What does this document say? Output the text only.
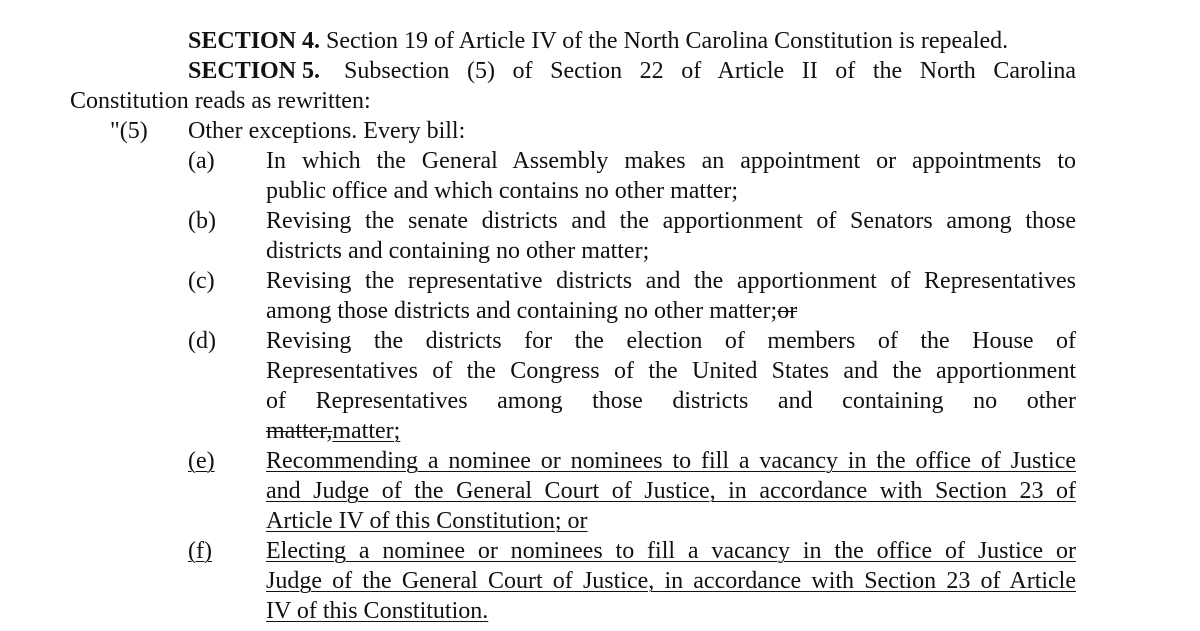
SECTION 4. Section 19 of Article IV of the North Carolina Constitution is repealed.
SECTION 5. Subsection (5) of Section 22 of Article II of the North Carolina
Constitution reads as rewritten:
"(5) Other exceptions. Every bill:
(a) In which the General Assembly makes an appointment or appointments to
public office and which contains no other matter;
(b) Revising the senate districts and the apportionment of Senators among those
districts and containing no other matter;
(c) Revising the representative districts and the apportionment of Representatives
among those districts and containing no other matter;or
(d) Revising the districts for the election of members of the House of
Representatives of the Congress of the United States and the apportionment
of Representatives among those districts and containing no other
matter,matter;
(e) Recommending a nominee or nominees to fill a vacancy in the office of Justice
and Judge of the General Court of Justice, in accordance with Section 23 of
Article IV of this Constitution; or
(f) Electing a nominee or nominees to fill a vacancy in the office of Justice or
Judge of the General Court of Justice, in accordance with Section 23 of Article
IV of this Constitution.
